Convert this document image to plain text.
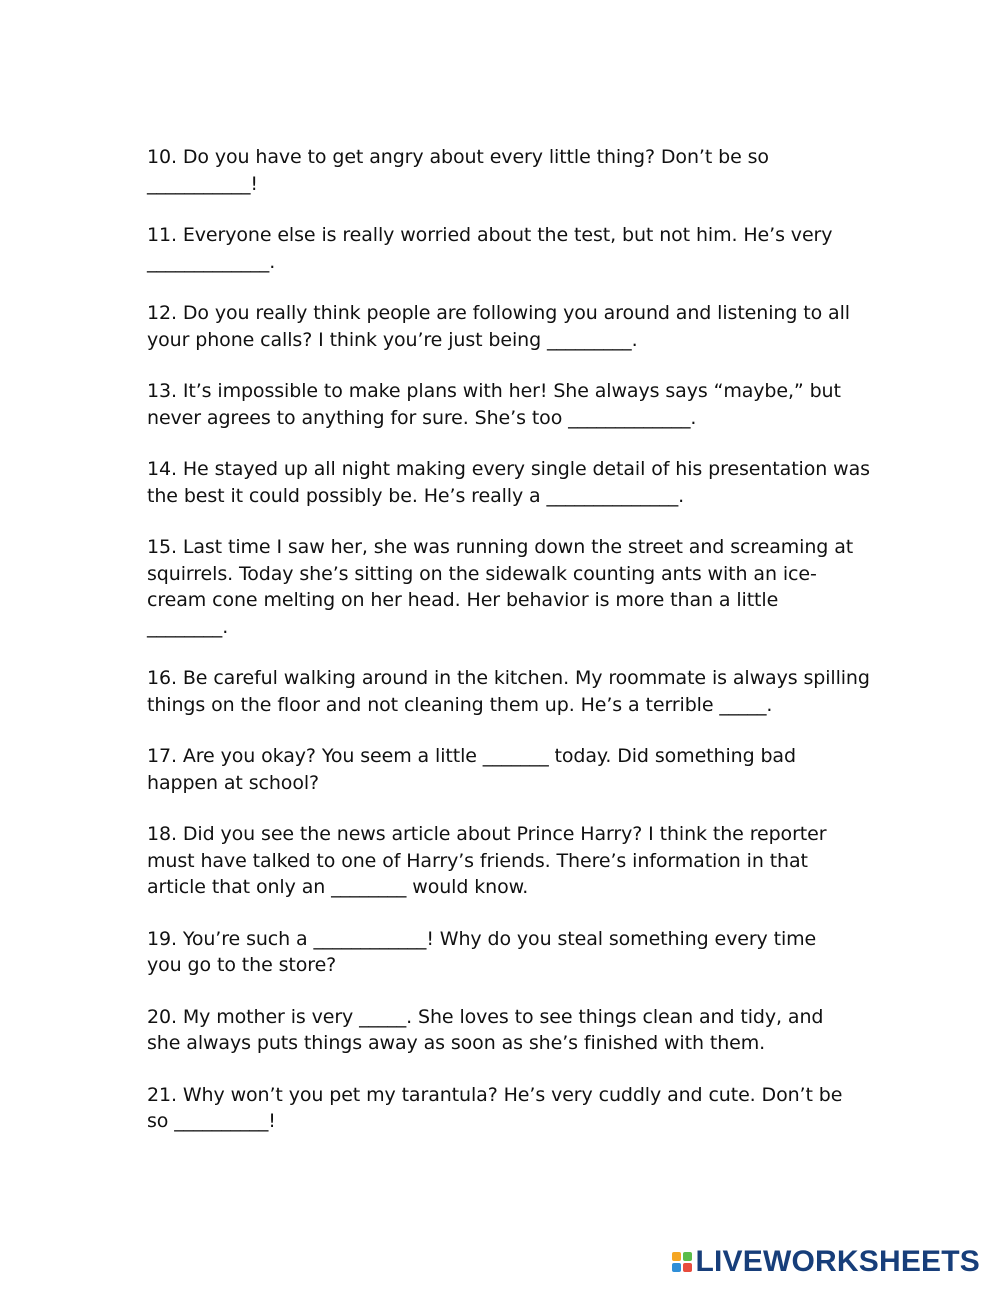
10. Do you have to get angry about every little thing? Don’t be so
___________!

11. Everyone else is really worried about the test, but not him. He’s very
_____________.

12. Do you really think people are following you around and listening to all
your phone calls? I think you’re just being _________.

13. It’s impossible to make plans with her! She always says “maybe,” but
never agrees to anything for sure. She’s too _____________.

14. He stayed up all night making every single detail of his presentation was
the best it could possibly be. He’s really a ______________.

15. Last time I saw her, she was running down the street and screaming at
squirrels. Today she’s sitting on the sidewalk counting ants with an ice-
cream cone melting on her head. Her behavior is more than a little
________.

16. Be careful walking around in the kitchen. My roommate is always spilling
things on the floor and not cleaning them up. He’s a terrible _____.

17. Are you okay? You seem a little _______ today. Did something bad
happen at school?

18. Did you see the news article about Prince Harry? I think the reporter
must have talked to one of Harry’s friends. There’s information in that
article that only an ________ would know.

19. You’re such a ____________! Why do you steal something every time
you go to the store?

20. My mother is very _____. She loves to see things clean and tidy, and
she always puts things away as soon as she’s finished with them.

21. Why won’t you pet my tarantula? He’s very cuddly and cute. Don’t be
so __________!

LIVEWORKSHEETS
